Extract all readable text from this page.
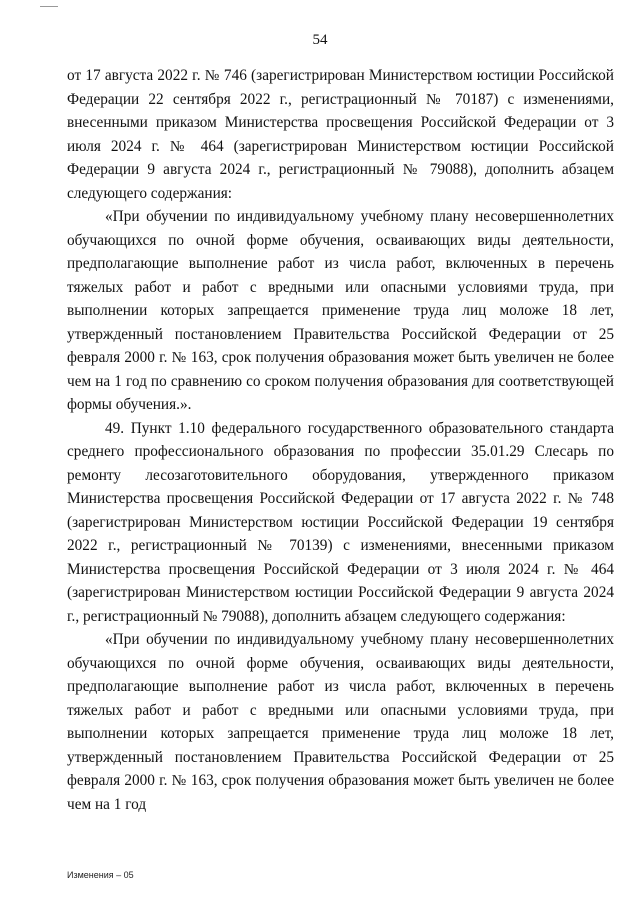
54

от 17 августа 2022 г. № 746 (зарегистрирован Министерством юстиции Российской Федерации 22 сентября 2022 г., регистрационный № 70187) с изменениями, внесенными приказом Министерства просвещения Российской Федерации от 3 июля 2024 г. № 464 (зарегистрирован Министерством юстиции Российской Федерации 9 августа 2024 г., регистрационный № 79088), дополнить абзацем следующего содержания:

«При обучении по индивидуальному учебному плану несовершеннолетних обучающихся по очной форме обучения, осваивающих виды деятельности, предполагающие выполнение работ из числа работ, включенных в перечень тяжелых работ и работ с вредными или опасными условиями труда, при выполнении которых запрещается применение труда лиц моложе 18 лет, утвержденный постановлением Правительства Российской Федерации от 25 февраля 2000 г. № 163, срок получения образования может быть увеличен не более чем на 1 год по сравнению со сроком получения образования для соответствующей формы обучения.».

49. Пункт 1.10 федерального государственного образовательного стандарта среднего профессионального образования по профессии 35.01.29 Слесарь по ремонту лесозаготовительного оборудования, утвержденного приказом Министерства просвещения Российской Федерации от 17 августа 2022 г. № 748 (зарегистрирован Министерством юстиции Российской Федерации 19 сентября 2022 г., регистрационный № 70139) с изменениями, внесенными приказом Министерства просвещения Российской Федерации от 3 июля 2024 г. № 464 (зарегистрирован Министерством юстиции Российской Федерации 9 августа 2024 г., регистрационный № 79088), дополнить абзацем следующего содержания:

«При обучении по индивидуальному учебному плану несовершеннолетних обучающихся по очной форме обучения, осваивающих виды деятельности, предполагающие выполнение работ из числа работ, включенных в перечень тяжелых работ и работ с вредными или опасными условиями труда, при выполнении которых запрещается применение труда лиц моложе 18 лет, утвержденный постановлением Правительства Российской Федерации от 25 февраля 2000 г. № 163, срок получения образования может быть увеличен не более чем на 1 год

Изменения – 05
